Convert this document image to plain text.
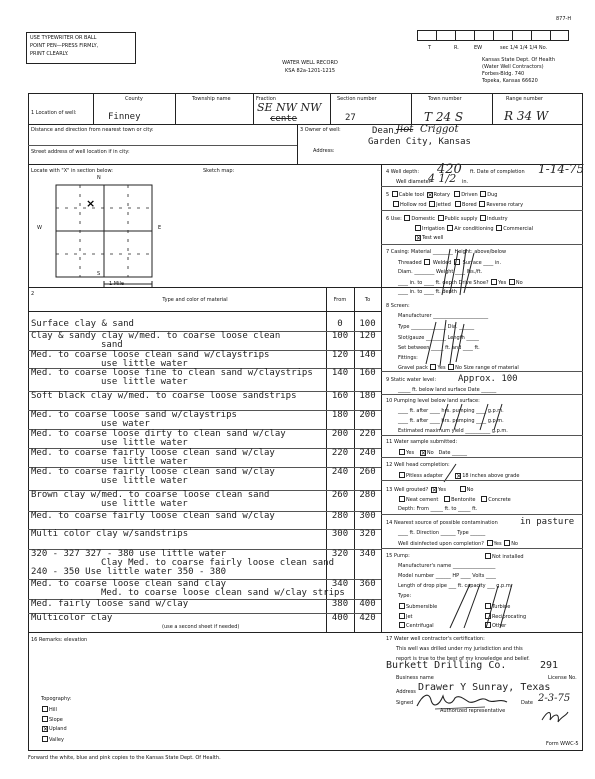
USE TYPEWRITER OR BALL
POINT PEN—PRESS FIRMLY,
PRINT CLEARLY.
WATER WELL RECORD
KSA 82a-1201-1215
T	R.	EW	sec 1/4 1/4 1/4 No.
Kansas State Dept. Of Health
(Water Well Contractors)
Forbes-Bldg. 740
Topeka, Kansas 66620
1 Location of well:
County
Finney
Township name	Fraction
SE NW NW
cente
Section number
27
Town number
T 24 S
Range number
R 34 W
Distance and direction from nearest town or city:
Street address of well location if in city:
3 Owner of well:	Dean Jiot Criggot
Address:
Garden City, Kansas
Locate with "X" in section below:	Sketch map:
N
S
W	E
×
1 Mile
4 Well depth: 420 ft. Date of completion 1-14-75
Well diameter
4 1/2 in.
5 Cable tool ✕ Rotary Driven Dug
Hollow rod Jetted Bored Reverse rotary
6 Use: Domestic Public supply Industry
Irrigation Air conditioning Commercial
✕Test well
7 Casing: Material ________ Height: above/below
Threaded Welded Surface ____ in.
Diam. ________ Weight ____ lbs./ft.
____ in. to ____ ft. depth Drive Shoe? Yes No
____ in. to ____ ft. depth
2
Type and color of material	From	To
Surface clay & sand	0	100
Clay & sandy clay w/med. to coarse loose clean
sand
100	120
Med. to coarse loose clean sand w/claystrips
use little water
120	140
Med. to coarse loose fine to clean sand w/claystrips
use little water
140	160
Soft black clay w/med. to coarse loose sandstrips	160	180
Med. to coarse loose sand w/claystrips
use water
180	200
Med. to coarse loose dirty to clean sand w/clay
use little water
200	220
Med. to coarse fairly loose clean sand w/clay
use little water
220	240
Med. to coarse fairly loose clean sand w/clay
use little water
240	260
Brown clay w/med. to coarse loose clean sand
use little water
260	280
Med. to coarse fairly loose clean sand w/clay	280	300
Multi color clay w/sandstrips	300	320
320 - 327 327 - 380 use little water
Clay Med. to coarse fairly loose clean sand
240 - 350 Use little water 350 - 380
320	340
Med. to coarse loose clean sand clay
Med. to coarse loose clean sand w/clay strips
340	360
Med. fairly loose sand w/clay	380	400
Multicolor clay	400	420
(use a second sheet if needed)
8 Screen:
Manufacturer ______________________
Type ______________ Dia. ______
Slot/gauze ________ Length _____
Set between _____ ft. and ____ ft.
Fittings:
Gravel pack Yes No Size range of material
9 Static water level: Approx. 100
_____ ft. below land surface Date ______
10 Pumping level below land surface:
____ ft. after ____ hrs. pumping ____ g.p.m.
____ ft. after ____ hrs. pumping ____ g.p.m.
Estimated maximum yield __________ g.p.m.
11 Water sample submitted:
Yes ✕	No Date ______
12 Well head completion:
Pitless adapter ✕	18 inches above grade
13 Well grouted? ✕ Yes	No
Neat cement	Bentonite	Concrete
Depth: From _____ ft. to _____ ft.
14 Nearest source of possible contamination in pasture
____ ft. Direction ______ Type ______
Well disinfected upon completion? Yes No
15 Pump:	Not installed
Manufacturer's name _________________
Model number ______ HP ____ Volts ____
Length of drop pipe ___ ft. capacity ___ g.p.m.
Type:
Submersible	Turbine
Jet	Reciprocating
Centrifugal	Other
16 Remarks: elevation
Topography:
Hill
Slope
✕Upland
Valley
17 Water well contractor's certification:
This well was drilled under my jurisdiction and this
report is true to the best of my knowledge and belief.
Burkett Drilling Co.	291
Business name	License No.
Address Drawer Y Sunray, Texas
Signed	Date 2-3-75
Authorized representative
Forward the white, blue and pink copies to the Kansas State Dept. Of Health.
Form WWC-5
877-H
